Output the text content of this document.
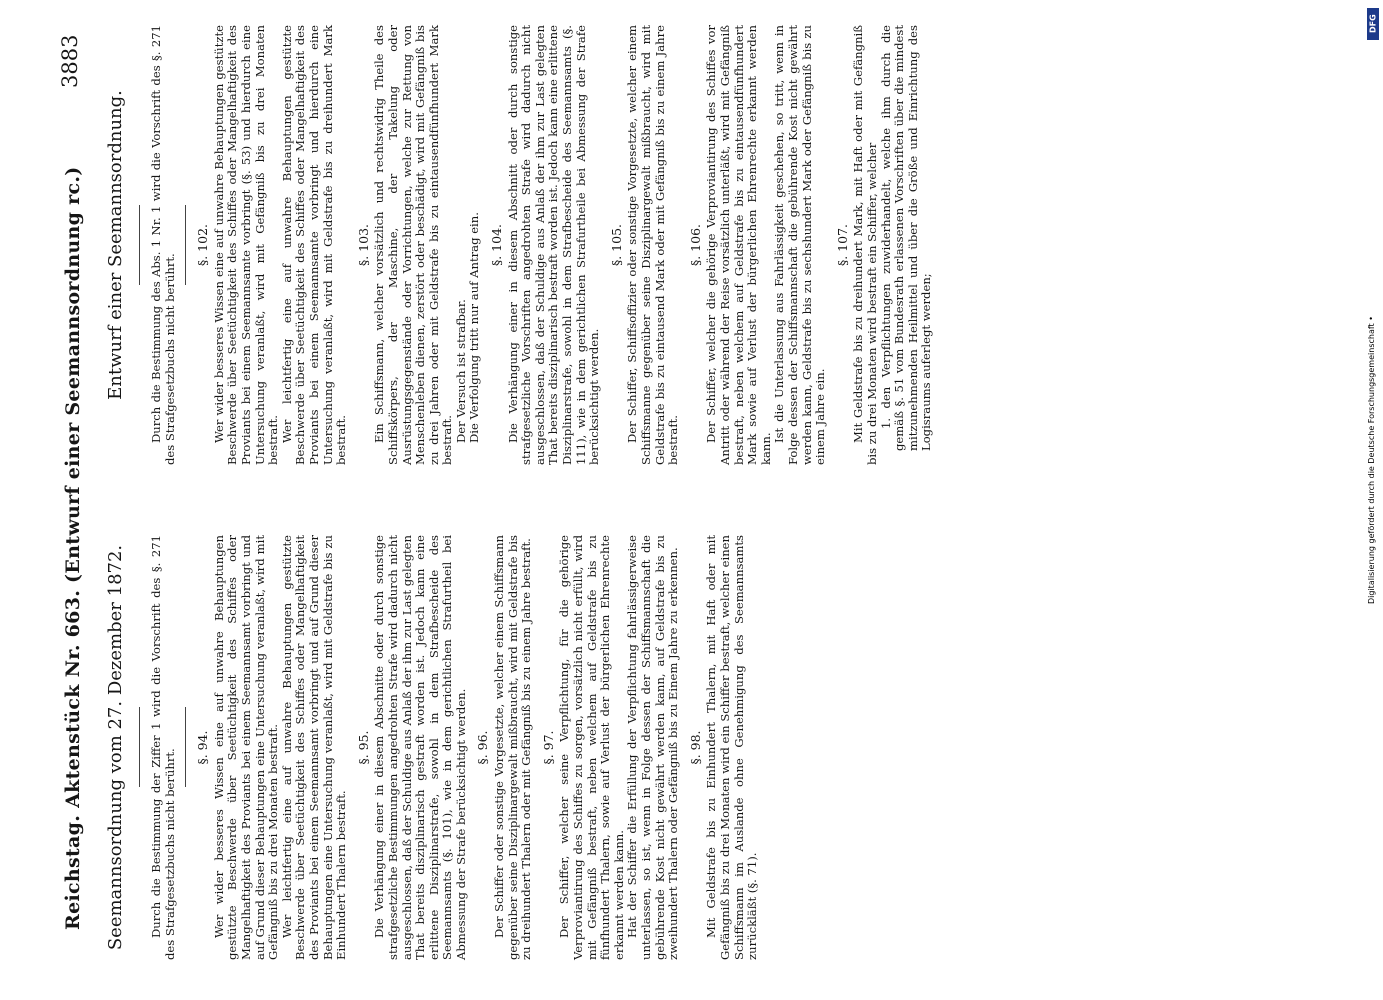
Reichstag. Aktenstück Nr. 663. (Entwurf einer Seemannsordnung rc.)
3883
Seemannsordnung vom 27. Dezember 1872. Durch die Bestimmung der Ziffer 1 wird die Vorschrift des §. 271 des Strafgesetzbuchs nicht berührt.

§. 94. Wer wider besseres Wissen eine auf unwahre Behauptungen gestützte Beschwerde über Seetüchtigkeit des Schiffes oder Mangelhaftigkeit des Proviants bei einem Seemannsamt vorbringt und auf Grund dieser Behauptungen eine Untersuchung veranlaßt, wird mit Gefängniß bis zu drei Monaten bestraft. Wer leichtfertig eine auf unwahre Behauptungen gestützte Beschwerde über Seetüchtigkeit des Schiffes oder Mangelhaftigkeit des Proviants bei einem Seemannsamt vorbringt und auf Grund dieser Behauptungen eine Untersuchung veranlaßt, wird mit Geldstrafe bis zu Einhundert Thalern bestraft.

§. 95. Die Verhängung einer in diesem Abschnitte oder durch sonstige strafgesetzliche Bestimmungen angedrohten Strafe wird dadurch nicht ausgeschlossen, daß der Schuldige aus Anlaß der ihm zur Last gelegten That bereits disziplinarisch gestraft worden ist. Jedoch kann eine erlittene Disziplinarstrafe, sowohl in dem Strafbescheide des Seemannsamts (§. 101), wie in dem gerichtlichen Strafurtheil bei Abmessung der Strafe berücksichtigt werden. §. 96. Der Schiffer oder sonstige Vorgesetzte, welcher einem Schiffsmann gegenüber seine Disziplinargewalt mißbraucht, wird mit Geldstrafe bis zu dreihundert Thalern oder mit Gefängniß bis zu einem Jahre bestraft. §. 97. Der Schiffer, welcher seine Verpflichtung, für die gehörige Verproviantirung des Schiffes zu sorgen, vorsätzlich nicht erfüllt, wird mit Gefängniß bestraft, neben welchem auf Geldstrafe bis zu fünfhundert Thalern, sowie auf Verlust der bürgerlichen Ehrenrechte erkannt werden kann. Hat der Schiffer die Erfüllung der Verpflichtung fahrlässigerweise unterlassen, so ist, wenn in Folge dessen der Schiffsmannschaft die gebührende Kost nicht gewährt werden kann, auf Geldstrafe bis zu zweihundert Thalern oder Gefängniß bis zu Einem Jahre zu erkennen. §. 98. Mit Geldstrafe bis zu Einhundert Thalern, mit Haft oder mit Gefängniß bis zu drei Monaten wird ein Schiffer bestraft, welcher einen Schiffsmann im Auslande ohne Genehmigung des Seemannsamts zurückläßt (§. 71).

Entwurf einer Seemannsordnung. Durch die Bestimmung des Abs. 1 Nr. 1 wird die Vorschrift des §. 271 des Strafgesetzbuchs nicht berührt.

§. 102. Wer wider besseres Wissen eine auf unwahre Behauptungen gestützte Beschwerde über Seetüchtigkeit des Schiffes oder Mangelhaftigkeit des Proviants bei einem Seemannsamte vorbringt (§. 53) und hierdurch eine Untersuchung veranlaßt, wird mit Gefängniß bis zu drei Monaten bestraft. Wer leichtfertig eine auf unwahre Behauptungen gestützte Beschwerde über Seetüchtigkeit des Schiffes oder Mangelhaftigkeit des Proviants bei einem Seemannsamte vorbringt und hierdurch eine Untersuchung veranlaßt, wird mit Geldstrafe bis zu dreihundert Mark bestraft.

§. 103. Ein Schiffsmann, welcher vorsätzlich und rechtswidrig Theile des Schiffskörpers, der Maschine, der Takelung oder Ausrüstungsgegenstände oder Vorrichtungen, welche zur Rettung von Menschenleben dienen, zerstört oder beschädigt, wird mit Gefängniß bis zu drei Jahren oder mit Geldstrafe bis zu eintausendfünfhundert Mark bestraft. Der Versuch ist strafbar. Die Verfolgung tritt nur auf Antrag ein. §. 104. Die Verhängung einer in diesem Abschnitt oder durch sonstige strafgesetzliche Vorschriften angedrohten Strafe wird dadurch nicht ausgeschlossen, daß der Schuldige aus Anlaß der ihm zur Last gelegten That bereits disziplinarisch bestraft worden ist. Jedoch kann eine erlittene Disziplinarstrafe, sowohl in dem Strafbescheide des Seemannsamts (§. 111), wie in dem gerichtlichen Strafurtheile bei Abmessung der Strafe berücksichtigt werden.

§. 105. Der Schiffer, Schiffsoffizier oder sonstige Vorgesetzte, welcher einem Schiffsmanne gegenüber seine Disziplinargewalt mißbraucht, wird mit Geldstrafe bis zu eintausend Mark oder mit Gefängniß bis zu einem Jahre bestraft.

§. 106. Der Schiffer, welcher die gehörige Verproviantirung des Schiffes vor Antritt oder während der Reise vorsätzlich unterläßt, wird mit Gefängniß bestraft, neben welchem auf Geldstrafe bis zu eintausendfünfhundert Mark sowie auf Verlust der bürgerlichen Ehrenrechte erkannt werden kann.

Ist die Unterlassung aus Fahrlässigkeit geschehen, so tritt, wenn in Folge dessen der Schiffsmannschaft die gebührende Kost nicht gewährt werden kann, Geldstrafe bis zu sechshundert Mark oder Gefängniß bis zu einem Jahre ein.

§. 107. Mit Geldstrafe bis zu dreihundert Mark, mit Haft oder mit Gefängniß bis zu drei Monaten wird bestraft ein Schiffer, welcher 1. den Verpflichtungen zuwiderhandelt, welche ihm durch die gemäß §. 51 vom Bundesrath erlassenen Vorschriften über die mindest mitzunehmenden Heilmittel und über die Größe und Einrichtung des Logisraums auferlegt werden;

DFG
Digitalisierung gefördert durch die Deutsche Forschungsgemeinschaft •
